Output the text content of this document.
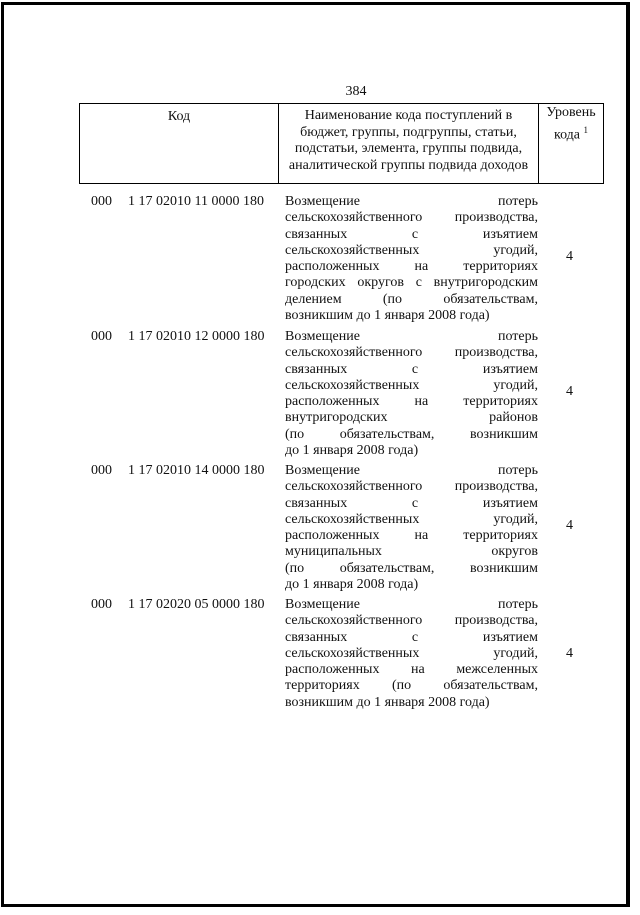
384
Код	Наименование кода поступлений в
бюджет, группы, подгруппы, статьи,
подстатьи, элемента, группы подвида,
аналитической группы подвида доходов
Уровень
кода $^1$
000 1 17 02010 11 0000 180 Возмещение потерь
сельскохозяйственного производства,
связанных с изъятием
сельскохозяйственных угодий,
расположенных на территориях
городских округов с внутригородским
делением (по обязательствам,
возникшим до 1 января 2008 года)
4
000 1 17 02010 12 0000 180 Возмещение потерь
сельскохозяйственного производства,
связанных с изъятием
сельскохозяйственных угодий,
расположенных на территориях
внутригородских районов
(по обязательствам, возникшим
до 1 января 2008 года)
4
000 1 17 02010 14 0000 180 Возмещение потерь
сельскохозяйственного производства,
связанных с изъятием
сельскохозяйственных угодий,
расположенных на территориях
муниципальных округов
(по обязательствам, возникшим
до 1 января 2008 года)
4
000 1 17 02020 05 0000 180 Возмещение потерь
сельскохозяйственного производства,
связанных с изъятием
сельскохозяйственных угодий,
расположенных на межселенных
территориях (по обязательствам,
возникшим до 1 января 2008 года)
4
